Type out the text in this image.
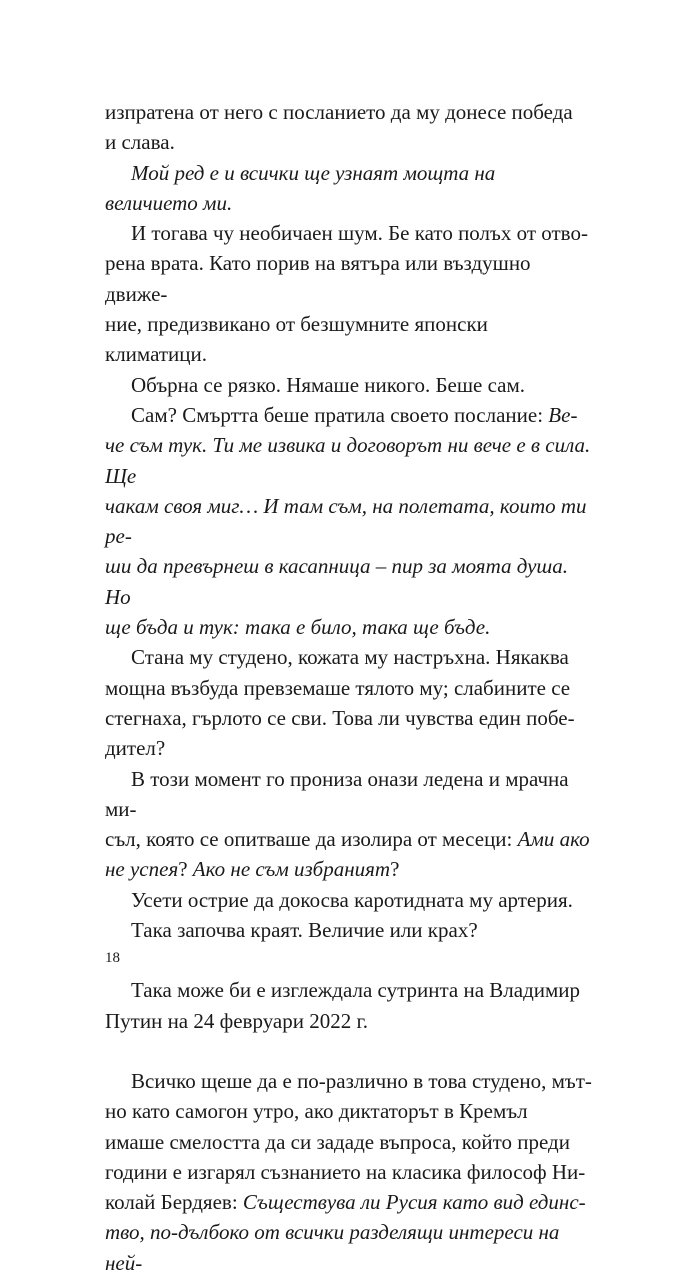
изпратена от него с посланието да му донесе победа

и слава.

Мой ред е и всички ще узнаят мощта на величието ми.

И тогава чу необичаен шум. Бе като полъх от отво-

рена врата. Като порив на вятъра или въздушно движе-

ние, предизвикано от безшумните японски климатици.

Обърна се рязко. Нямаше никого. Беше сам.

Сам? Смъртта беше пратила своето послание: Ве-

че съм тук. Ти ме извика и договорът ни вече е в сила. Ще

чакам своя миг… И там съм, на полетата, които ти ре-

ши да превърнеш в касапница – пир за моята душа. Но

ще бъда и тук: така е било, така ще бъде.

Стана му студено, кожата му настръхна. Някаква

мощна възбуда превземаше тялото му; слабините се

стегнаха, гърлото се сви. Това ли чувства един побе-

дител?

В този момент го прониза онази ледена и мрачна ми-

съл, която се опитваше да изолира от месеци: Ами ако

не успея? Ако не съм избраният?

Усети острие да докосва каротидната му артерия.

Така започва краят. Величие или крах?

Така може би е изглеждала сутринта на Владимир

Путин на 24 февруари 2022 г.

Всичко щеше да е по-различно в това студено, мът-

но като самогон утро, ако диктаторът в Кремъл

имаше смелостта да си зададе въпроса, който преди

години е изгарял съзнанието на класика философ Ни-

колай Бердяев: Съществува ли Русия като вид единс-

тво, по-дълбоко от всички разделящи интереси на ней-

18
